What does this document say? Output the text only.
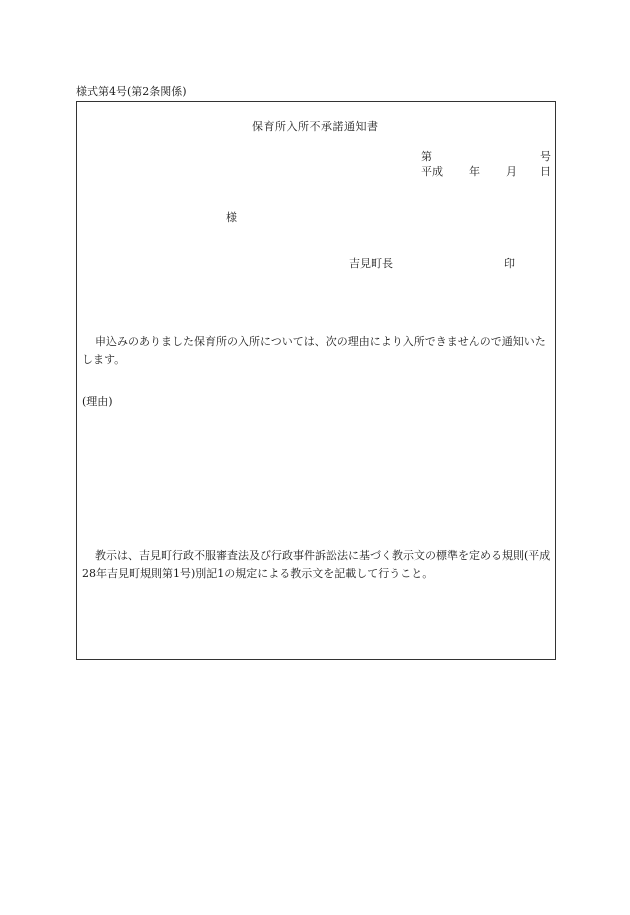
様式第4号(第2条関係)
保育所入所不承諾通知書
第	号
平成 年 月 日
様
吉見町長	印

申込みのありました保育所の入所については、次の理由により入所できませんので通知いたします。

(理由)

教示は、吉見町行政不服審査法及び行政事件訴訟法に基づく教示文の標準を定める規則(平成28年吉見町規則第1号)別記1の規定による教示文を記載して行うこと。
